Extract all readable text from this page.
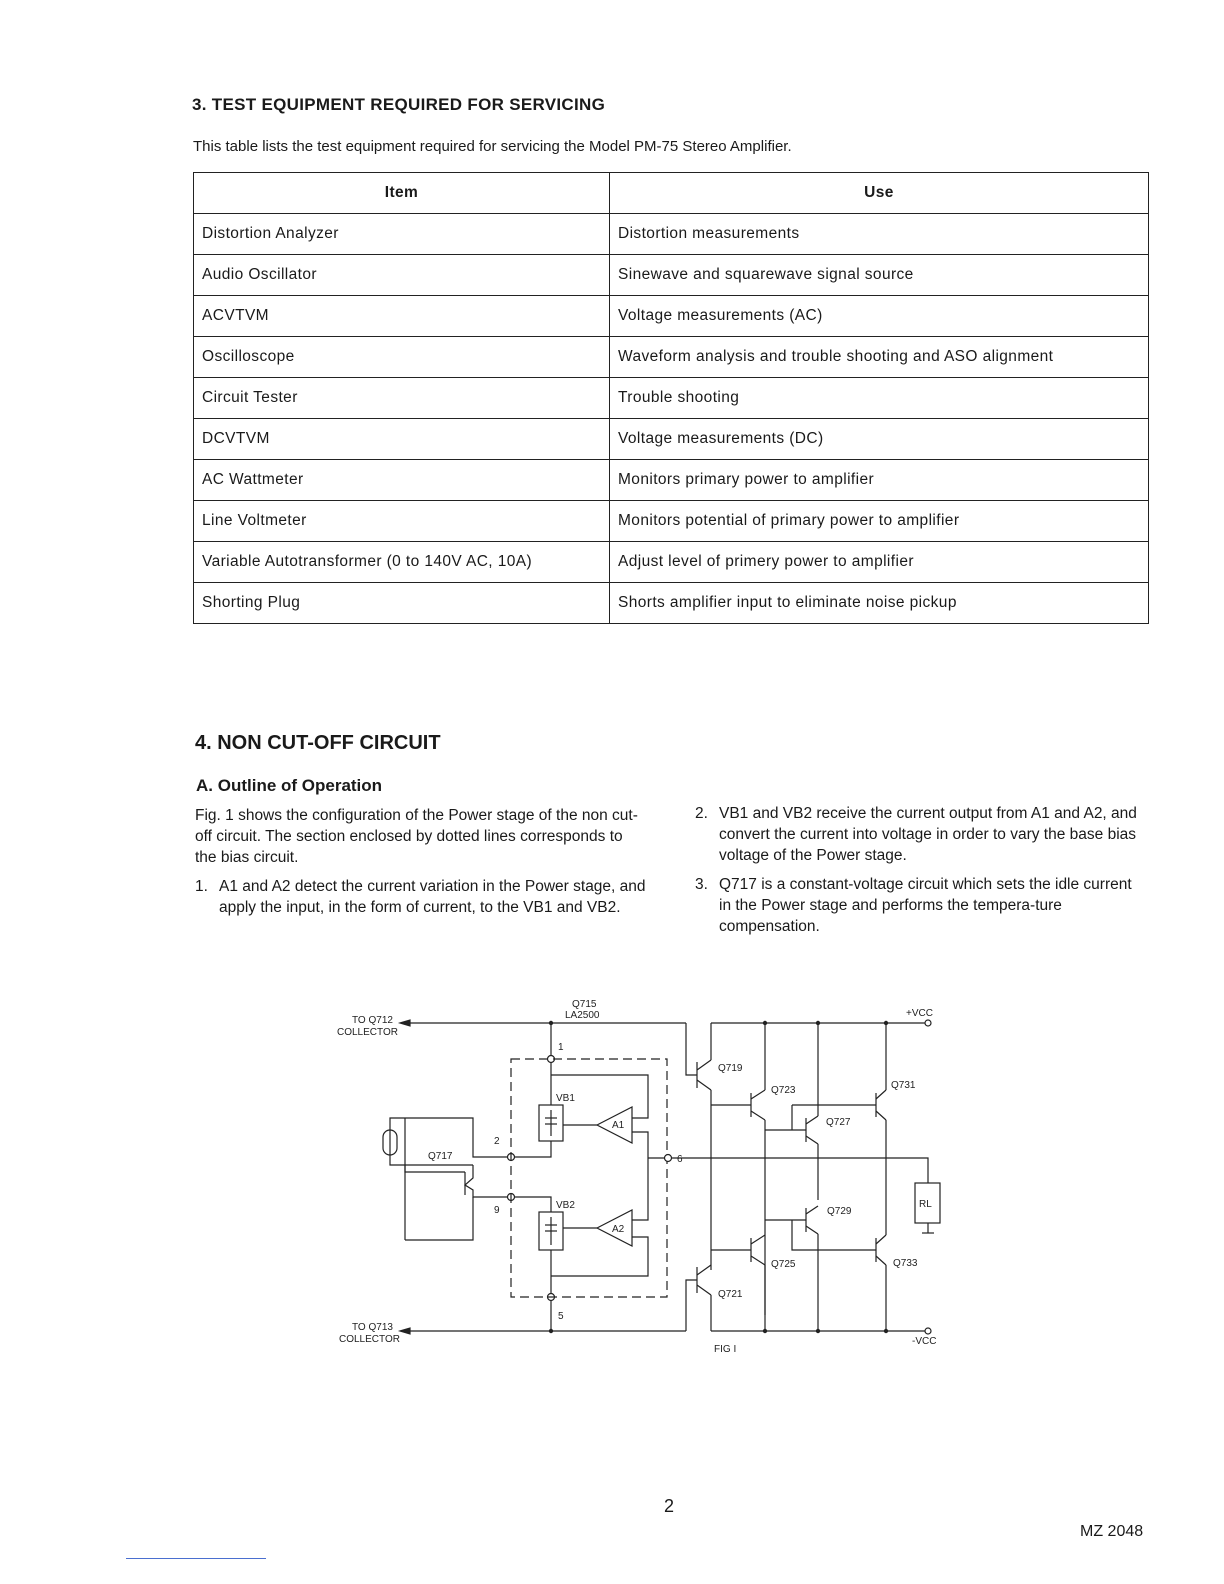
3. TEST EQUIPMENT REQUIRED FOR SERVICING
This table lists the test equipment required for servicing the Model PM-75 Stereo Amplifier.
Item	Use
Distortion Analyzer	Distortion measurements
Audio Oscillator	Sinewave and squarewave signal source
ACVTVM	Voltage measurements (AC)
Oscilloscope	Waveform analysis and trouble shooting and ASO alignment
Circuit Tester	Trouble shooting
DCVTVM	Voltage measurements (DC)
AC Wattmeter	Monitors primary power to amplifier
Line Voltmeter	Monitors potential of primary power to amplifier
Variable Autotransformer (0 to 140V AC, 10A)	Adjust level of primery power to amplifier
Shorting Plug	Shorts amplifier input to eliminate noise pickup
4. NON CUT-OFF CIRCUIT
A. Outline of Operation

Fig. 1 shows the configuration of the Power stage of the non cut-off circuit. The section enclosed by dotted lines corresponds to the bias circuit.

1. A1 and A2 detect the current variation in the Power stage, and apply the input, in the form of current, to the VB1 and VB2.
2. VB1 and VB2 receive the current output from A1 and A2, and convert the current into voltage in order to vary the base bias voltage of the Power stage.
3. Q717 is a constant-voltage circuit which sets the idle current in the Power stage and performs the tempera-ture compensation.
TO Q712
COLLECTOR
TO Q713
COLLECTOR
Q715
LA2500	+VCC
-VCC
VB1
VB2
A1
A2
1
2
9
6
5
Q717
Q719
Q721
Q723
Q725
Q727
Q729
Q731
Q733
RL
FIG I
2
MZ 2048
